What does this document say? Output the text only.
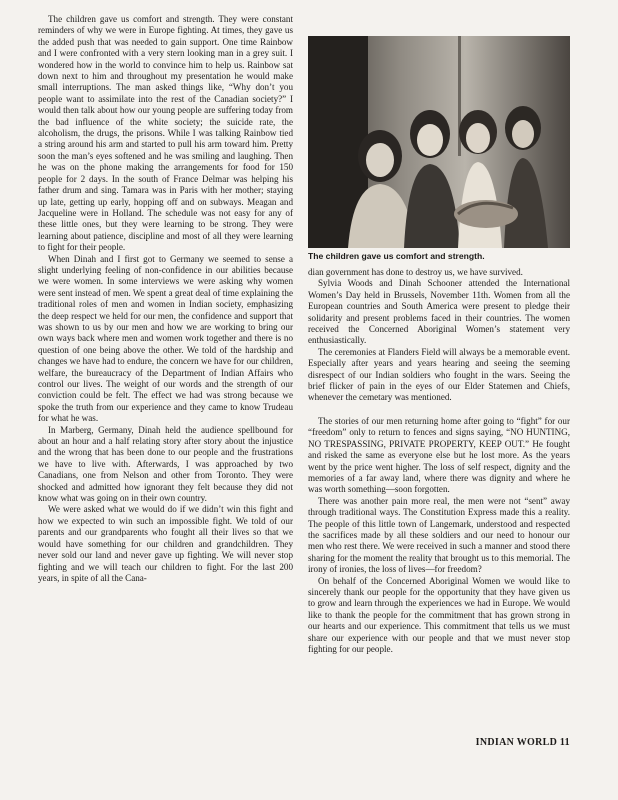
The children gave us comfort and strength. They were constant reminders of why we were in Europe fighting. At times, they gave us the added push that was needed to gain support. One time Rainbow and I were confronted with a very stern looking man in a grey suit. I wondered how in the world to convince him to help us. Rainbow sat down next to him and throughout my presentation he would make small interruptions. The man asked things like, “Why don’t you people want to assimilate into the rest of the Canadian society?” I would then talk about how our young people are suffering today from the bad influence of the white society; the suicide rate, the alcoholism, the drugs, the prisons. While I was talking Rainbow tied a string around his arm and started to pull his arm toward him. Pretty soon the man’s eyes softened and he was smiling and laughing. Then he was on the phone making the arrangements for food for 150 people for 2 days. In the south of France Delmar was helping his father drum and sing. Tamara was in Paris with her mother; staying up late, getting up early, hopping off and on subways. Meagan and Jacqueline were in Holland. The schedule was not easy for any of these little ones, but they were learning to be strong. They were learning about patience, discipline and most of all they were learning to fight for their people.

When Dinah and I first got to Germany we seemed to sense a slight underlying feeling of non-confidence in our abilities because we were women. In some interviews we were asking why women were sent instead of men. We spent a great deal of time explaining the traditional roles of men and women in Indian society, emphasizing the deep respect we held for our men, the confidence and support that was shown to us by our men and how we are working to bring our own ways back where men and women work together and there is no question of one being above the other. We told of the hardship and changes we have had to endure, the concern we have for our children, welfare, the bureaucracy of the Department of Indian Affairs who control our lives. The weight of our words and the strength of our conviction could be felt. The effect we had was strong because we spoke the truth from our experience and they came to know Trudeau for what he was.

In Marberg, Germany, Dinah held the audience spellbound for about an hour and a half relating story after story about the injustice and the wrong that has been done to our people and the frustrations we have to live with. Afterwards, I was approached by two Canadians, one from Nelson and other from Toronto. They were shocked and admitted how ignorant they felt because they did not know what was going on in their own country.

We were asked what we would do if we didn’t win this fight and how we expected to win such an impossible fight. We told of our parents and our grandparents who fought all their lives so that we would have something for our children and grandchildren. They never sold our land and never gave up fighting. We will never stop fighting and we will teach our children to fight. For the last 200 years, in spite of all the Cana-

The children gave us comfort and strength.

dian government has done to destroy us, we have survived.

Sylvia Woods and Dinah Schooner attended the International Women’s Day held in Brussels, November 11th. Women from all the European countries and South America were present to pledge their solidarity and present problems faced in their countries. The women received the Concerned Aboriginal Women’s statement very enthusiastically.

The ceremonies at Flanders Field will always be a memorable event. Especially after years and years hearing and seeing the seeming disrespect of our Indian soldiers who fought in the wars. Seeing the brief flicker of pain in the eyes of our Elder Statemen and Chiefs, whenever the cemetary was mentioned.

The stories of our men returning home after going to “fight” for our “freedom” only to return to fences and signs saying, “NO HUNTING, NO TRESPASSING, PRIVATE PROPERTY, KEEP OUT.” He fought and risked the same as everyone else but he lost more. As the years went by the price went higher. The loss of self respect, dignity and the memories of a far away land, where there was dignity and where he was worth something—soon forgotten.

There was another pain more real, the men were not “sent” away through traditional ways. The Constitution Express made this a reality. The people of this little town of Langemark, understood and respected the sacrifices made by all these soldiers and our need to honour our men who rest there. We were received in such a manner and stood there sharing for the moment the reality that brought us to this memorial. The irony of ironies, the loss of lives—for freedom?

On behalf of the Concerned Aboriginal Women we would like to sincerely thank our people for the opportunity that they have given us to grow and learn through the experiences we had in Europe. We would like to thank the people for the commitment that has grown strong in our hearts and our experience. This commitment that tells us we must share our experience with our people and that we must never stop fighting for our people.

INDIAN WORLD 11
